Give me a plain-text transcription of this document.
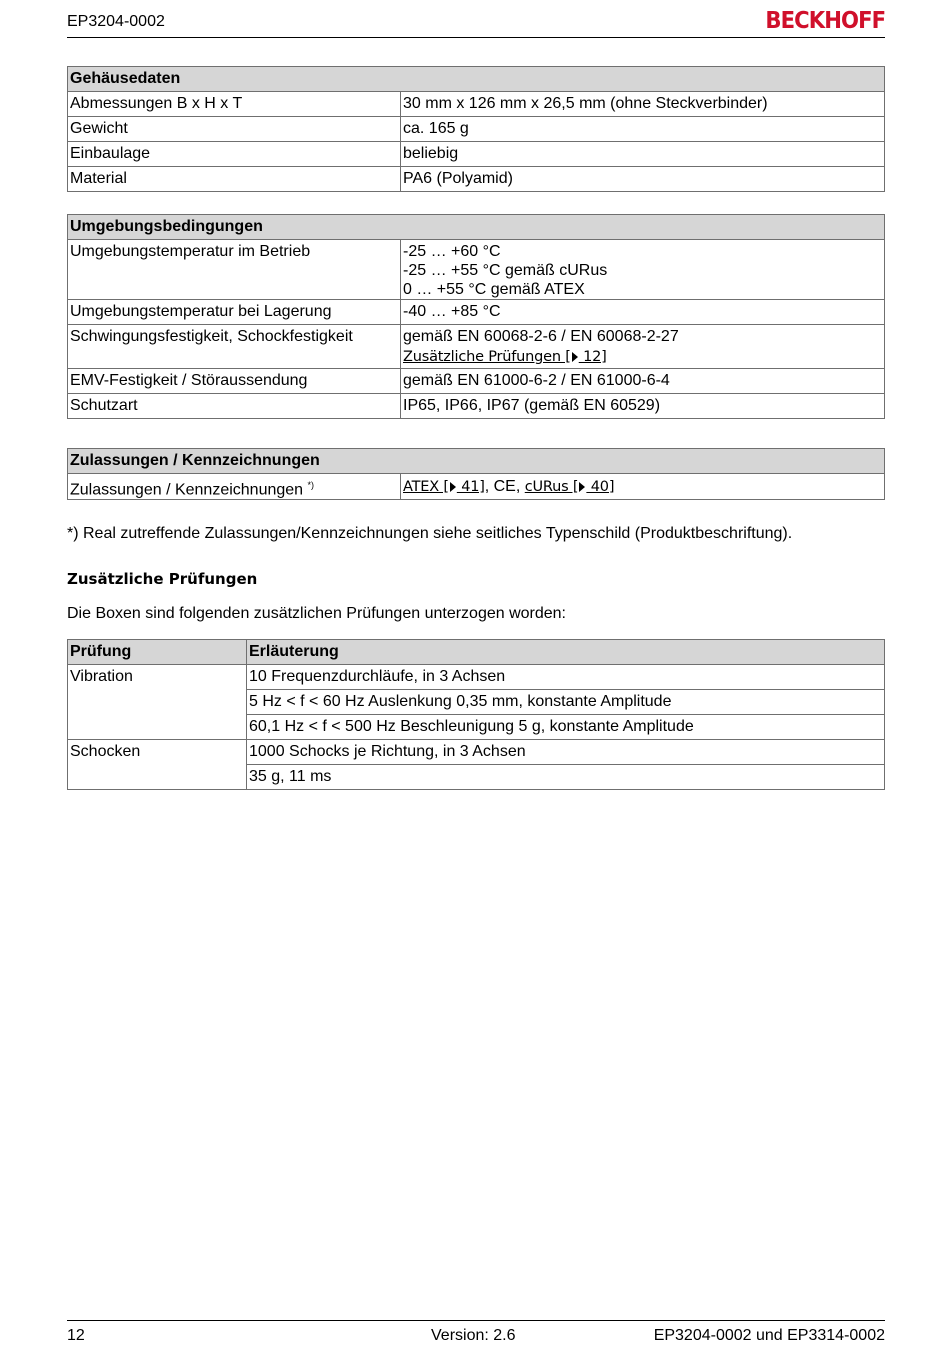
EP3204-0002	BECKHOFF
Gehäusedaten	
Abmessungen B x H x T	30 mm x 126 mm x 26,5 mm (ohne Steckverbinder)
Gewicht	ca. 165 g
Einbaulage	beliebig
Material	PA6 (Polyamid)
Umgebungsbedingungen	
Umgebungstemperatur im Betrieb	-25 … +60 °C
-25 … +55 °C gemäß cURus
0 … +55 °C gemäß ATEX

Umgebungstemperatur bei Lagerung	-40 … +85 °C
Schwingungsfestigkeit, Schockfestigkeit	gemäß EN 60068-2-6 / EN 60068-2-27
Zusätzliche Prüfungen [ 12]

EMV-Festigkeit / Störaussendung	gemäß EN 61000-6-2 / EN 61000-6-4
Schutzart	IP65, IP66, IP67 (gemäß EN 60529)
Zulassungen / Kennzeichnungen
Zulassungen / Kennzeichnungen *)	ATEX [ 41], CE, cURus [ 40]
*) Real zutreffende Zulassungen/Kennzeichnungen siehe seitliches Typenschild (Produktbeschriftung).
Zusätzliche Prüfungen
Die Boxen sind folgenden zusätzlichen Prüfungen unterzogen worden:
Prüfung	Erläuterung
Vibration	10 Frequenzdurchläufe, in 3 Achsen
	5 Hz < f < 60 Hz Auslenkung 0,35 mm, konstante Amplitude
	60,1 Hz < f < 500 Hz Beschleunigung 5 g, konstante Amplitude
Schocken	1000 Schocks je Richtung, in 3 Achsen
	35 g, 11 ms
12	Version: 2.6	EP3204-0002 und EP3314-0002
